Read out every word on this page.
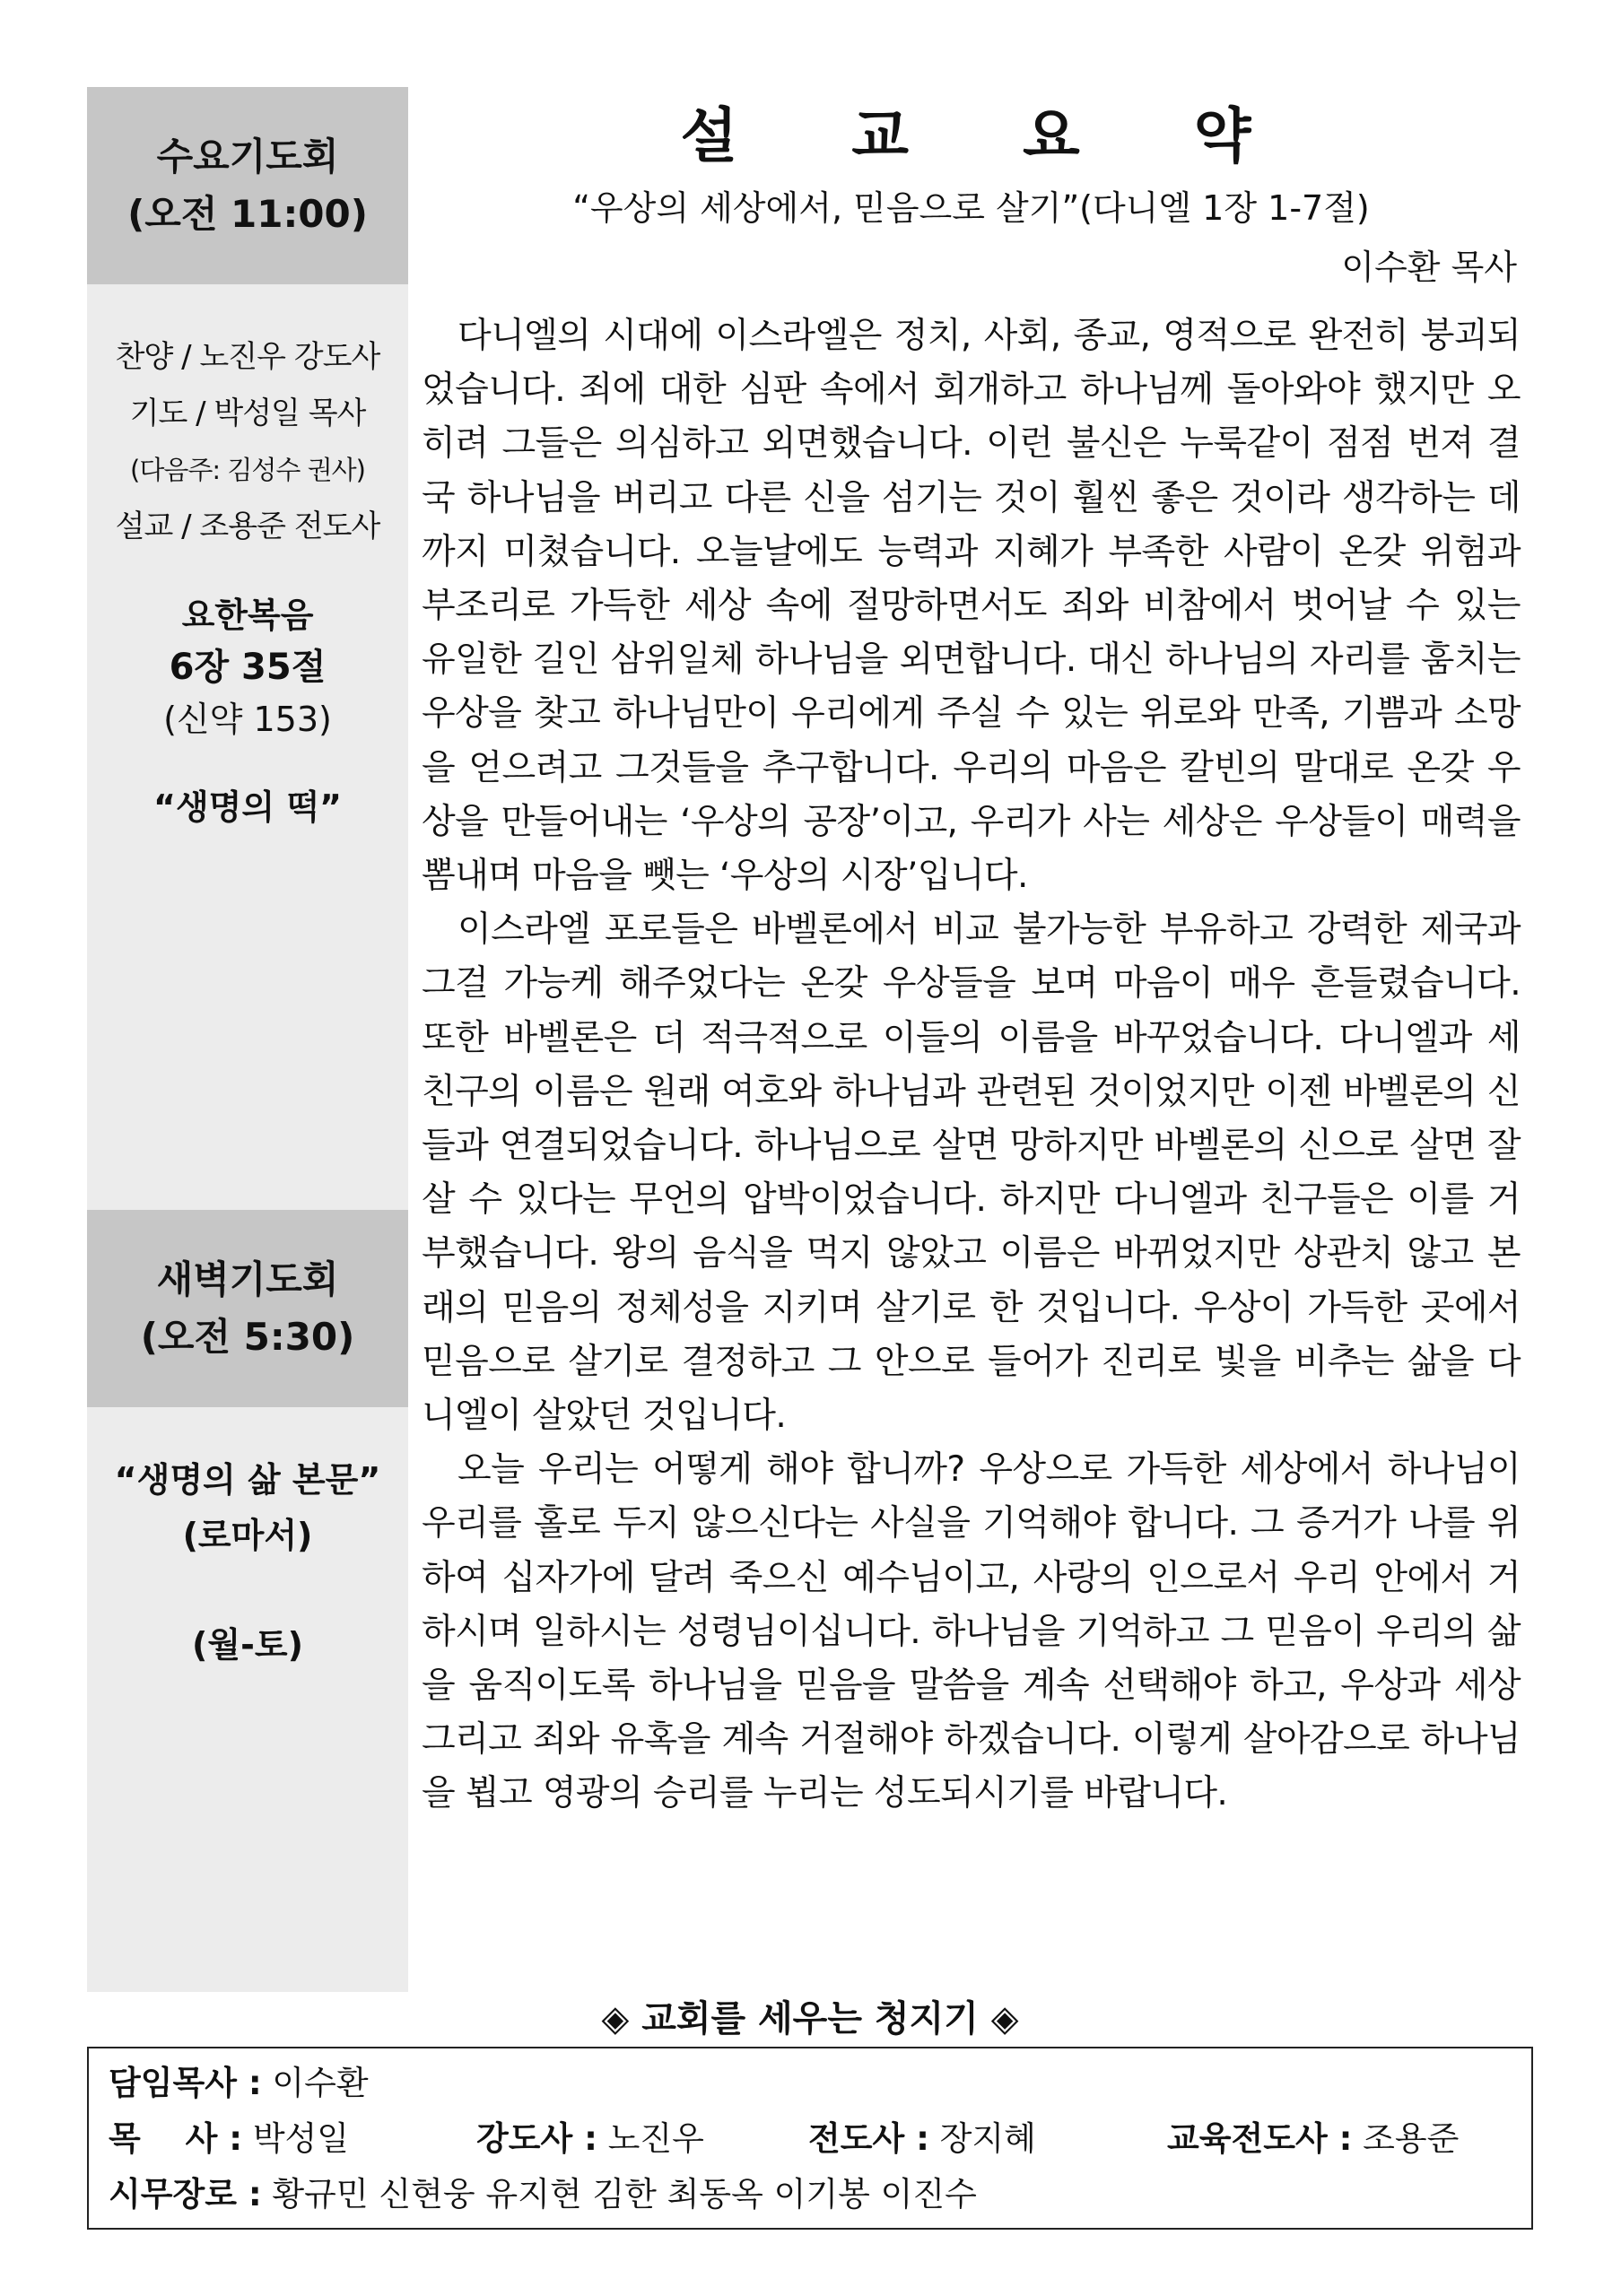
수요기도회
(오전 11:00)
찬양 / 노진우 강도사
기도 / 박성일 목사
(다음주: 김성수 권사)
설교 / 조용준 전도사
요한복음
6장 35절
(신약 153)
“생명의 떡”
새벽기도회
(오전 5:30)
“생명의 삶 본문”
(로마서)
(월-토)
설 교 요 약
“우상의 세상에서, 믿음으로 살기”(다니엘 1장 1-7절)
이수환 목사

다니엘의 시대에 이스라엘은 정치, 사회, 종교, 영적으로 완전히 붕괴되었습니다. 죄에 대한 심판 속에서 회개하고 하나님께 돌아와야 했지만 오히려 그들은 의심하고 외면했습니다. 이런 불신은 누룩같이 점점 번져 결국 하나님을 버리고 다른 신을 섬기는 것이 훨씬 좋은 것이라 생각하는 데까지 미쳤습니다. 오늘날에도 능력과 지혜가 부족한 사람이 온갖 위험과 부조리로 가득한 세상 속에 절망하면서도 죄와 비참에서 벗어날 수 있는 유일한 길인 삼위일체 하나님을 외면합니다. 대신 하나님의 자리를 훔치는 우상을 찾고 하나님만이 우리에게 주실 수 있는 위로와 만족, 기쁨과 소망을 얻으려고 그것들을 추구합니다. 우리의 마음은 칼빈의 말대로 온갖 우상을 만들어내는 ‘우상의 공장’이고, 우리가 사는 세상은 우상들이 매력을 뽐내며 마음을 뺏는 ‘우상의 시장’입니다.

이스라엘 포로들은 바벨론에서 비교 불가능한 부유하고 강력한 제국과 그걸 가능케 해주었다는 온갖 우상들을 보며 마음이 매우 흔들렸습니다. 또한 바벨론은 더 적극적으로 이들의 이름을 바꾸었습니다. 다니엘과 세 친구의 이름은 원래 여호와 하나님과 관련된 것이었지만 이젠 바벨론의 신들과 연결되었습니다. 하나님으로 살면 망하지만 바벨론의 신으로 살면 잘 살 수 있다는 무언의 압박이었습니다. 하지만 다니엘과 친구들은 이를 거부했습니다. 왕의 음식을 먹지 않았고 이름은 바뀌었지만 상관치 않고 본래의 믿음의 정체성을 지키며 살기로 한 것입니다. 우상이 가득한 곳에서 믿음으로 살기로 결정하고 그 안으로 들어가 진리로 빛을 비추는 삶을 다니엘이 살았던 것입니다.

오늘 우리는 어떻게 해야 합니까? 우상으로 가득한 세상에서 하나님이 우리를 홀로 두지 않으신다는 사실을 기억해야 합니다. 그 증거가 나를 위하여 십자가에 달려 죽으신 예수님이고, 사랑의 인으로서 우리 안에서 거하시며 일하시는 성령님이십니다. 하나님을 기억하고 그 믿음이 우리의 삶을 움직이도록 하나님을 믿음을 말씀을 계속 선택해야 하고, 우상과 세상 그리고 죄와 유혹을 계속 거절해야 하겠습니다. 이렇게 살아감으로 하나님을 뵙고 영광의 승리를 누리는 성도되시기를 바랍니다.

◈ 교회를 세우는 청지기 ◈
담임목사 : 이수환
목　 사 : 박성일	강도사 : 노진우	전도사 : 장지혜	교육전도사 : 조용준
시무장로 : 황규민 신현웅 유지현 김한 최동옥 이기봉 이진수
